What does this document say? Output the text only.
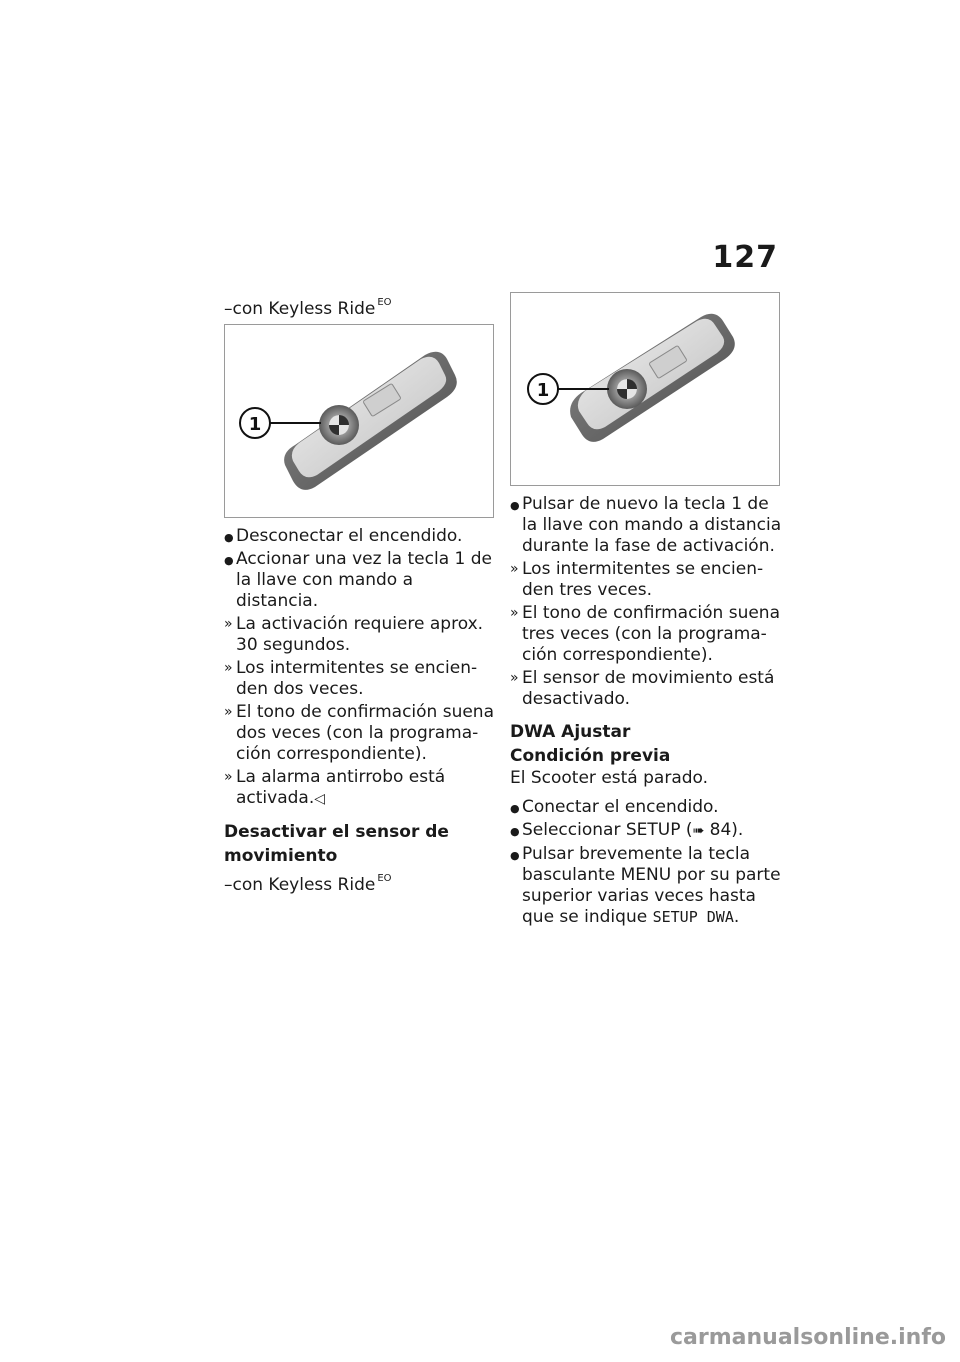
127

–con Keyless Ride $^{EO}$

1
● Desconectar el encendido.
● Accionar una vez la tecla 1 de la llave con mando a distancia.
» La activación requiere aprox. 30 segundos.
» Los intermitentes se encien-den dos veces.
» El tono de confirmación suena dos veces (con la programa-ción correspondiente).
» La alarma antirrobo está activada.◁
Desactivar el sensor de
movimiento

–con Keyless Ride $^{EO}$

1
● Pulsar de nuevo la tecla 1 de la llave con mando a distancia durante la fase de activación.
» Los intermitentes se encien-den tres veces.
» El tono de confirmación suena tres veces (con la programa-ción correspondiente).
» El sensor de movimiento está desactivado.
DWA Ajustar
Condición previa
El Scooter está parado.
● Conectar el encendido.
● Seleccionar SETUP (➠ 84).
● Pulsar brevemente la tecla basculante MENU por su parte superior varias veces hasta que se indique SETUP DWA.
carmanualsonline.info
